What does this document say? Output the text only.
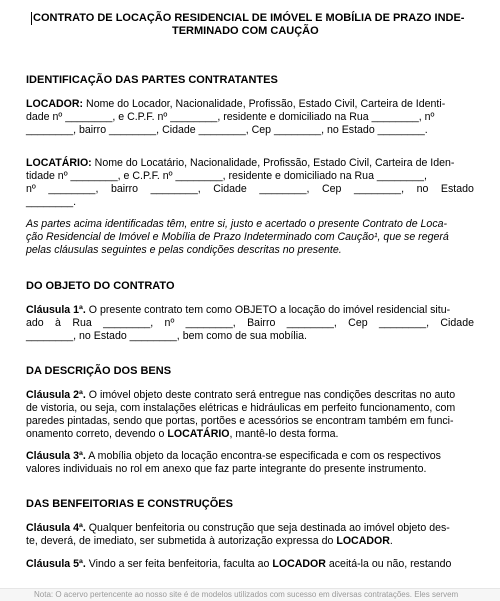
CONTRATO DE LOCAÇÃO RESIDENCIAL DE IMÓVEL E MOBÍLIA DE PRAZO INDE-

TERMINADO COM CAUÇÃO

IDENTIFICAÇÃO DAS PARTES CONTRATANTES

LOCADOR: Nome do Locador, Nacionalidade, Profissão, Estado Civil, Carteira de Identi-

dade nº ________, e C.P.F. nº ________, residente e domiciliado na Rua ________, nº

________, bairro ________, Cidade ________, Cep ________, no Estado ________.

LOCATÁRIO: Nome do Locatário, Nacionalidade, Profissão, Estado Civil, Carteira de Iden-

tidade nº ________, e C.P.F. nº ________, residente e domiciliado na Rua ________,

nº ________, bairro ________, Cidade ________, Cep ________, no Estado

________.

As partes acima identificadas têm, entre si, justo e acertado o presente Contrato de Loca-

ção Residencial de Imóvel e Mobília de Prazo Indeterminado com Caução¹, que se regerá

pelas cláusulas seguintes e pelas condições descritas no presente.

DO OBJETO DO CONTRATO

Cláusula 1ª. O presente contrato tem como OBJETO a locação do imóvel residencial situ-

ado à Rua ________, nº ________, Bairro ________, Cep ________, Cidade

________, no Estado ________, bem como de sua mobília.

DA DESCRIÇÃO DOS BENS

Cláusula 2ª. O imóvel objeto deste contrato será entregue nas condições descritas no auto

de vistoria, ou seja, com instalações elétricas e hidráulicas em perfeito funcionamento, com

paredes pintadas, sendo que portas, portões e acessórios se encontram também em funci-

onamento correto, devendo o LOCATÁRIO, mantê-lo desta forma.

Cláusula 3ª. A mobília objeto da locação encontra-se especificada e com os respectivos

valores individuais no rol em anexo que faz parte integrante do presente instrumento.

DAS BENFEITORIAS E CONSTRUÇÕES

Cláusula 4ª. Qualquer benfeitoria ou construção que seja destinada ao imóvel objeto des-

te, deverá, de imediato, ser submetida à autorização expressa do LOCADOR.

Cláusula 5ª. Vindo a ser feita benfeitoria, faculta ao LOCADOR aceitá-la ou não, restando

Nota: O acervo pertencente ao nosso site é de modelos utilizados com sucesso em diversas contratações. Eles servem
